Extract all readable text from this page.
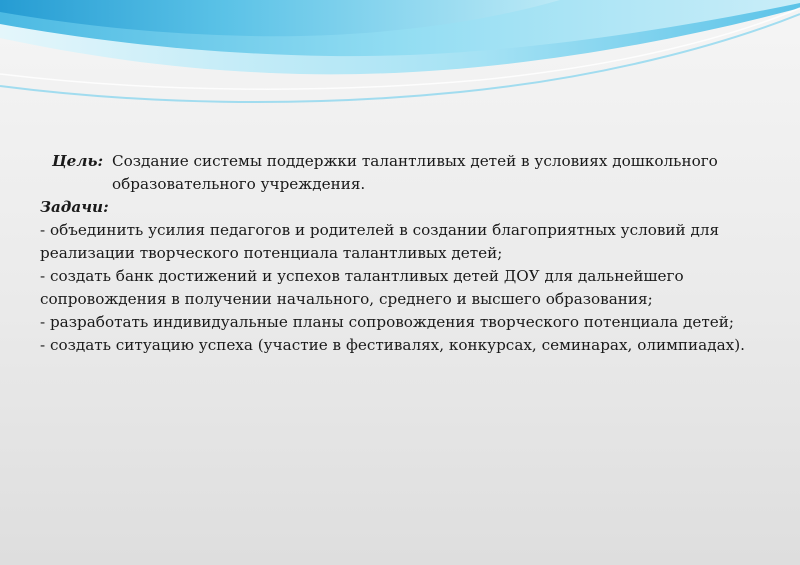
Цель: Создание системы поддержки талантливых детей в условиях дошкольного образовательного учреждения.
Задачи:
- объединить усилия педагогов и родителей в создании благоприятных условий для реализации творческого потенциала талантливых детей;
- создать банк достижений и успехов талантливых детей ДОУ для дальнейшего сопровождения в получении начального, среднего и высшего образования;
- разработать индивидуальные планы сопровождения творческого потенциала детей;
- создать ситуацию успеха (участие в фестивалях, конкурсах, семинарах, олимпиадах).
